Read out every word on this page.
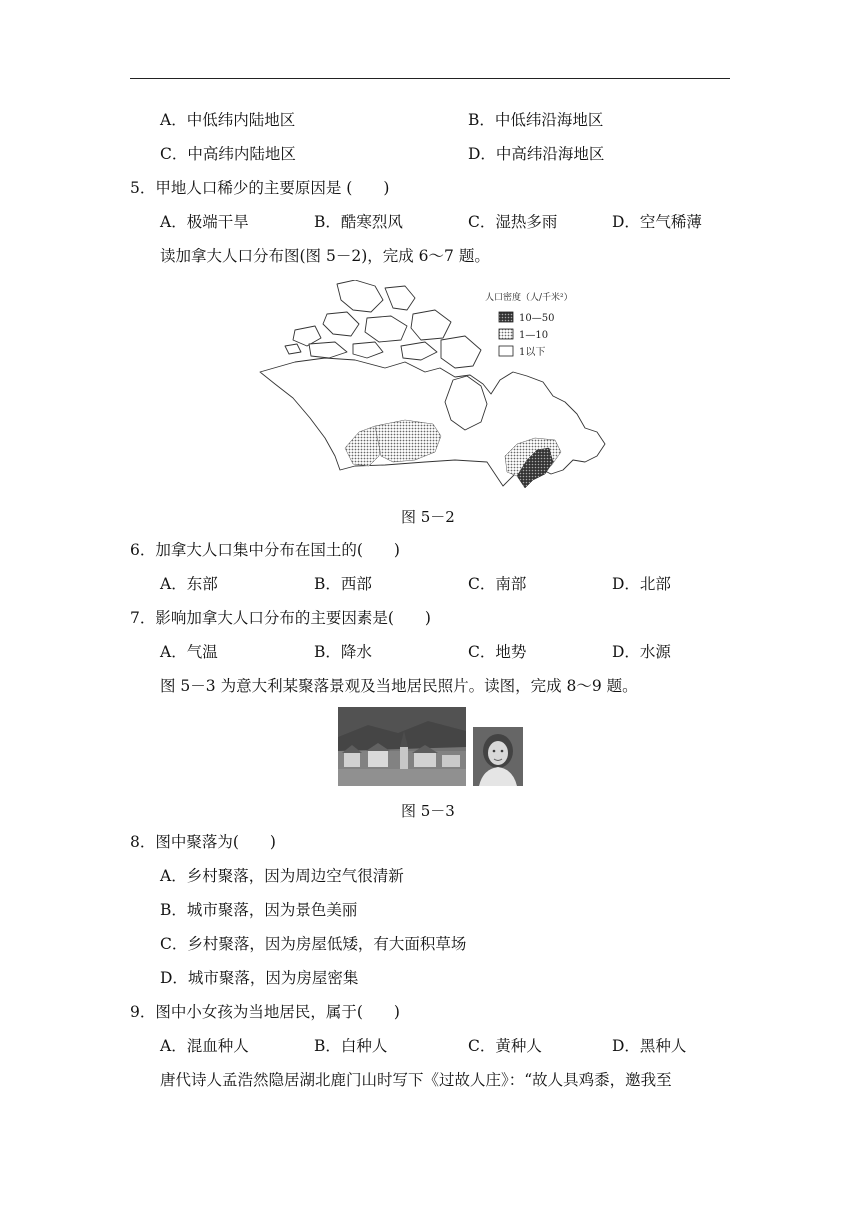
A．中低纬内陆地区	B．中低纬沿海地区
C．中高纬内陆地区	D．中高纬沿海地区
5．甲地人口稀少的主要原因是 (　　)
A．极端干旱	B．酷寒烈风	C．湿热多雨	D．空气稀薄
读加拿大人口分布图(图 5－2)，完成 6～7 题。
人口密度（人/千米²）
10—50
1—10
1以下
图 5－2
6．加拿大人口集中分布在国土的(　　)
A．东部	B．西部	C．南部	D．北部
7．影响加拿大人口分布的主要因素是(　　)
A．气温	B．降水	C．地势	D．水源
图 5－3 为意大利某聚落景观及当地居民照片。读图，完成 8～9 题。
图 5－3
8．图中聚落为(　　)
A．乡村聚落，因为周边空气很清新
B．城市聚落，因为景色美丽
C．乡村聚落，因为房屋低矮，有大面积草场
D．城市聚落，因为房屋密集
9．图中小女孩为当地居民，属于(　　)
A．混血种人	B．白种人	C．黄种人	D．黑种人
唐代诗人孟浩然隐居湖北鹿门山时写下《过故人庄》：“故人具鸡黍，邀我至
